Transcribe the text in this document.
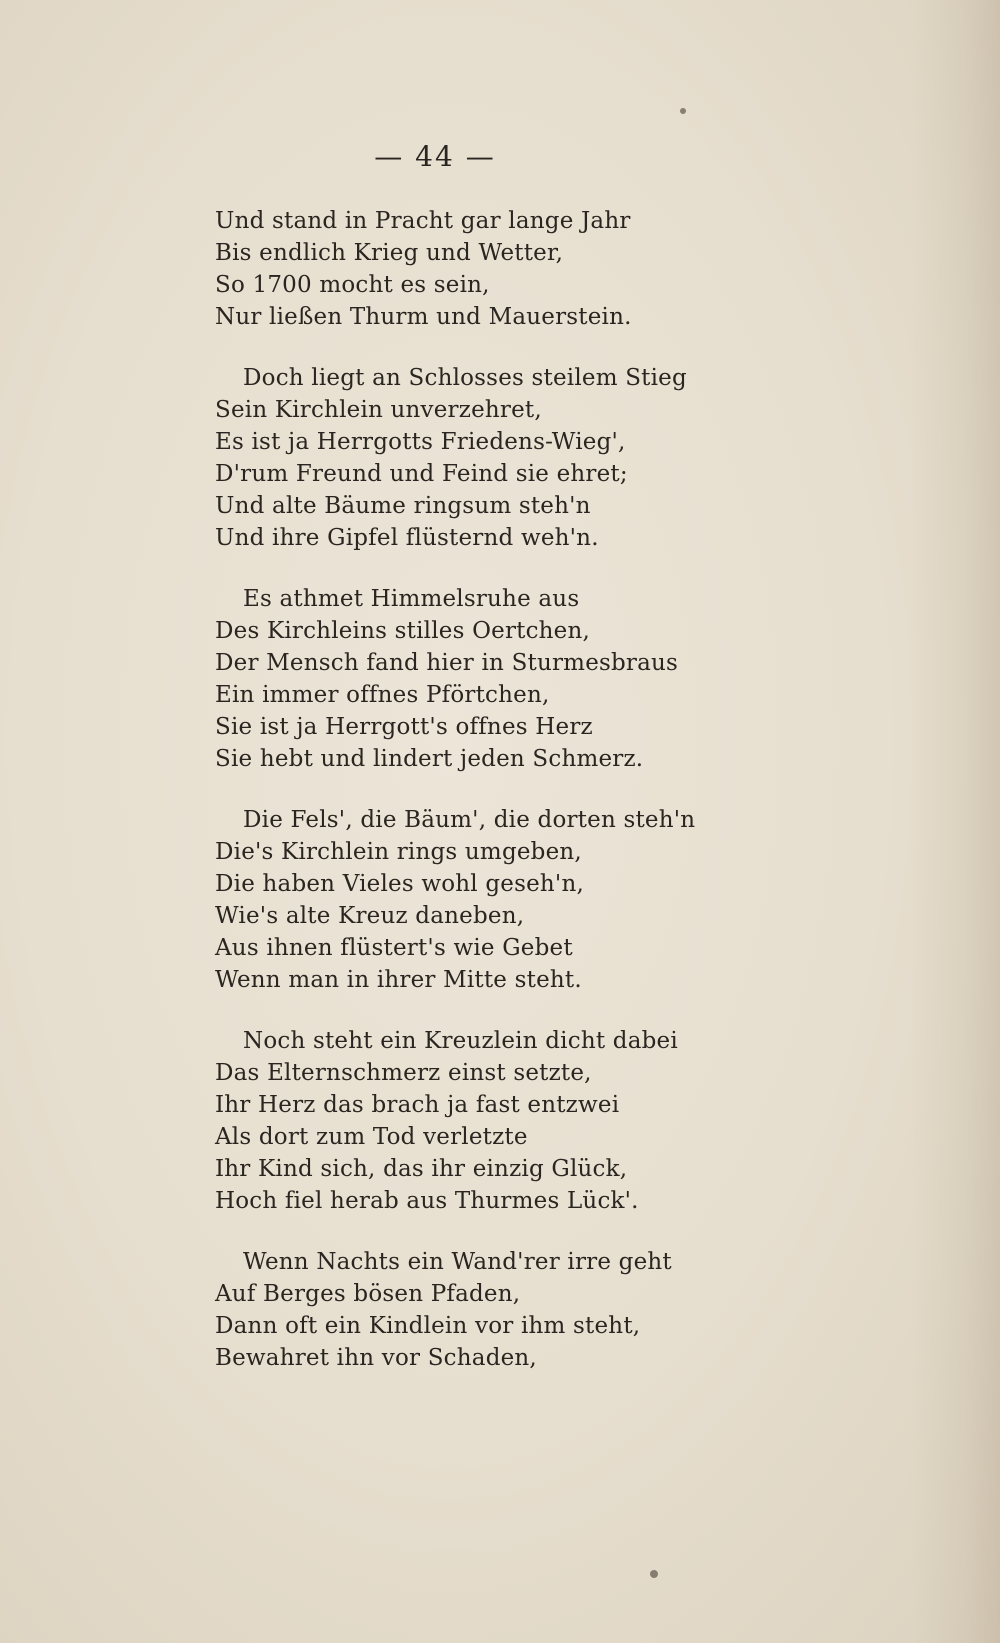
— 44 —
Und stand in Pracht gar lange Jahr
Bis endlich Krieg und Wetter,
So 1700 mocht es sein,
Nur ließen Thurm und Mauerstein.
Doch liegt an Schlosses steilem Stieg
Sein Kirchlein unverzehret,
Es ist ja Herrgotts Friedens-Wieg',
D'rum Freund und Feind sie ehret;
Und alte Bäume ringsum steh'n
Und ihre Gipfel flüsternd weh'n.
Es athmet Himmelsruhe aus
Des Kirchleins stilles Oertchen,
Der Mensch fand hier in Sturmesbraus
Ein immer offnes Pförtchen,
Sie ist ja Herrgott's offnes Herz
Sie hebt und lindert jeden Schmerz.
Die Fels', die Bäum', die dorten steh'n
Die's Kirchlein rings umgeben,
Die haben Vieles wohl geseh'n,
Wie's alte Kreuz daneben,
Aus ihnen flüstert's wie Gebet
Wenn man in ihrer Mitte steht.
Noch steht ein Kreuzlein dicht dabei
Das Elternschmerz einst setzte,
Ihr Herz das brach ja fast entzwei
Als dort zum Tod verletzte
Ihr Kind sich, das ihr einzig Glück,
Hoch fiel herab aus Thurmes Lück'.
Wenn Nachts ein Wand'rer irre geht
Auf Berges bösen Pfaden,
Dann oft ein Kindlein vor ihm steht,
Bewahret ihn vor Schaden,
